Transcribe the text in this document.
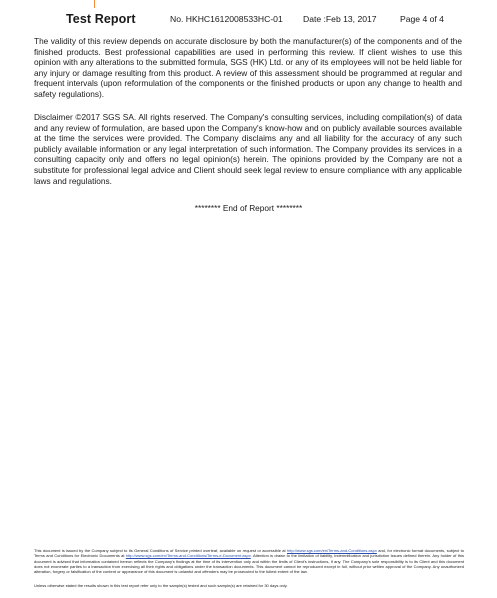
Test Report	No. HKHC1612008533HC-01 Date :Feb 13, 2017	Page 4 of 4

The validity of this review depends on accurate disclosure by both the manufacturer(s) of the components and of the finished products. Best professional capabilities are used in performing this review. If client wishes to use this opinion with any alterations to the submitted formula, SGS (HK) Ltd. or any of its employees will not be held liable for any injury or damage resulting from this product. A review of this assessment should be programmed at regular and frequent intervals (upon reformulation of the components or the finished products or upon any change to health and safety regulations).

Disclaimer ©2017 SGS SA. All rights reserved. The Company's consulting services, including compilation(s) of data and any review of formulation, are based upon the Company's know-how and on publicly available sources available at the time the services were provided. The Company disclaims any and all liability for the accuracy of any such publicly available information or any legal interpretation of such information. The Company provides its services in a consulting capacity only and offers no legal opinion(s) herein. The opinions provided by the Company are not a substitute for professional legal advice and Client should seek legal review to ensure compliance with any applicable laws and regulations.

******** End of Report ********
This document is issued by the Company subject to its General Conditions of Service printed overleaf, available on request or accessible at http://www.sgs.com/en/Terms-and-Conditions.aspx and, for electronic format documents, subject to Terms and Conditions for Electronic Documents at http://www.sgs.com/en/Terms-and-Conditions/Terms-e-Document.aspx. Attention is drawn to the limitation of liability, indemnification and jurisdiction issues defined therein. Any holder of this document is advised that information contained hereon reflects the Company's findings at the time of its intervention only and within the limits of Client's instructions, if any. The Company's sole responsibility is to its Client and this document does not exonerate parties to a transaction from exercising all their rights and obligations under the transaction documents. This document cannot be reproduced except in full, without prior written approval of the Company. Any unauthorized alteration, forgery or falsification of the content or appearance of this document is unlawful and offenders may be prosecuted to the fullest extent of the law.
Unless otherwise stated the results shown in this test report refer only to the sample(s) tested and such sample(s) are retained for 30 days only.
